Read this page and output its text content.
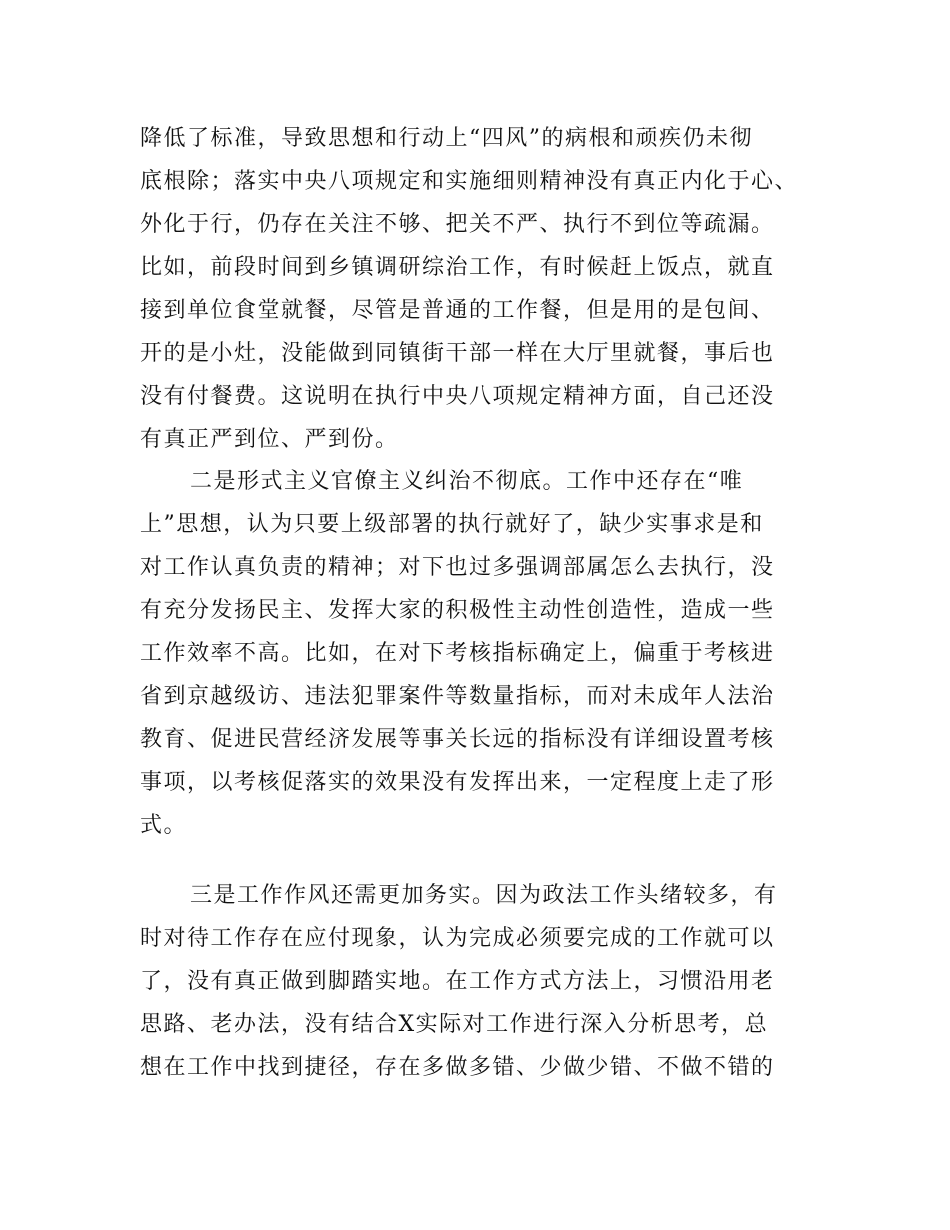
降低了标准，导致思想和行动上“四风”的病根和顽疾仍未彻
底根除；落实中央八项规定和实施细则精神没有真正内化于心、
外化于行，仍存在关注不够、把关不严、执行不到位等疏漏。
比如，前段时间到乡镇调研综治工作，有时候赶上饭点，就直
接到单位食堂就餐，尽管是普通的工作餐，但是用的是包间、
开的是小灶，没能做到同镇街干部一样在大厅里就餐，事后也
没有付餐费。这说明在执行中央八项规定精神方面，自己还没
有真正严到位、严到份。
二是形式主义官僚主义纠治不彻底。工作中还存在“唯
上”思想，认为只要上级部署的执行就好了，缺少实事求是和
对工作认真负责的精神；对下也过多强调部属怎么去执行，没
有充分发扬民主、发挥大家的积极性主动性创造性，造成一些
工作效率不高。比如，在对下考核指标确定上，偏重于考核进
省到京越级访、违法犯罪案件等数量指标，而对未成年人法治
教育、促进民营经济发展等事关长远的指标没有详细设置考核
事项，以考核促落实的效果没有发挥出来，一定程度上走了形
式。
三是工作作风还需更加务实。因为政法工作头绪较多，有
时对待工作存在应付现象，认为完成必须要完成的工作就可以
了，没有真正做到脚踏实地。在工作方式方法上，习惯沿用老
思路、老办法，没有结合X实际对工作进行深入分析思考，总
想在工作中找到捷径，存在多做多错、少做少错、不做不错的
